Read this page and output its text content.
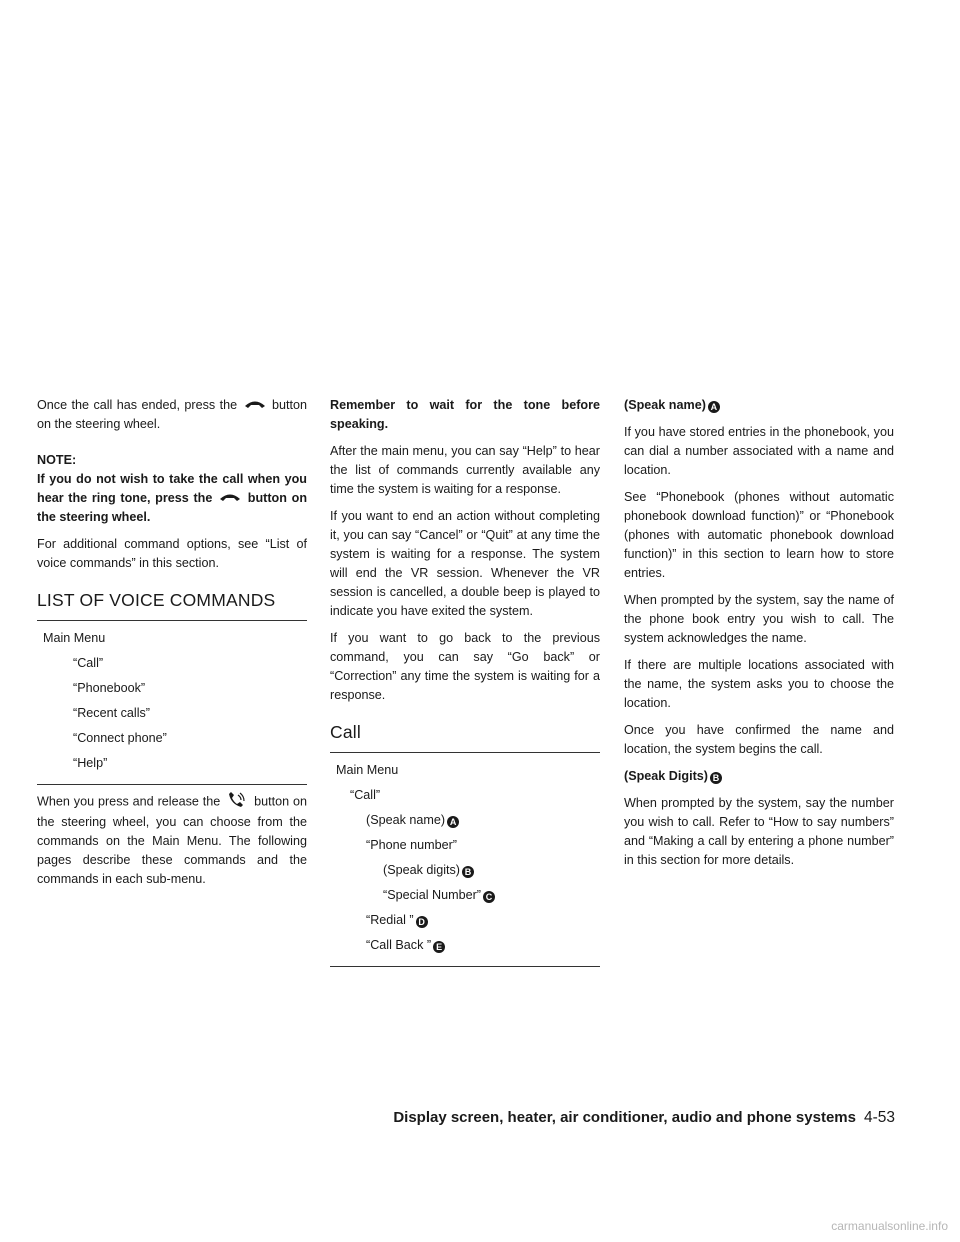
Once the call has ended, press the	button on the steering wheel.

NOTE:

If you do not wish to take the call when you hear the ring tone, press the	button on the steering wheel.

For additional command options, see “List of voice commands” in this section.

LIST OF VOICE COMMANDS
Main Menu
“Call”
“Phonebook”
“Recent calls”
“Connect phone”
“Help”

When you press and release the	button on the steering wheel, you can choose from the commands on the Main Menu. The following pages describe these commands and the commands in each sub-menu.

Remember to wait for the tone before speaking.

After the main menu, you can say “Help” to hear the list of commands currently available any time the system is waiting for a response.

If you want to end an action without completing it, you can say “Cancel” or “Quit” at any time the system is waiting for a response. The system will end the VR session. Whenever the VR session is cancelled, a double beep is played to indicate you have exited the system.

If you want to go back to the previous command, you can say “Go back” or “Correction” any time the system is waiting for a response.

Call
Main Menu
“Call”
(Speak name) A
“Phone number”
(Speak digits) B
“Special Number” C
“Redial ” D
“Call Back ” E

(Speak name) A

If you have stored entries in the phonebook, you can dial a number associated with a name and location.

See “Phonebook (phones without automatic phonebook download function)” or “Phonebook (phones with automatic phonebook download function)” in this section to learn how to store entries.

When prompted by the system, say the name of the phone book entry you wish to call. The system acknowledges the name.

If there are multiple locations associated with the name, the system asks you to choose the location.

Once you have confirmed the name and location, the system begins the call.

(Speak Digits) B

When prompted by the system, say the number you wish to call. Refer to “How to say numbers” and “Making a call by entering a phone number” in this section for more details.

Display screen, heater, air conditioner, audio and phone systems 4-53
carmanualsonline.info
